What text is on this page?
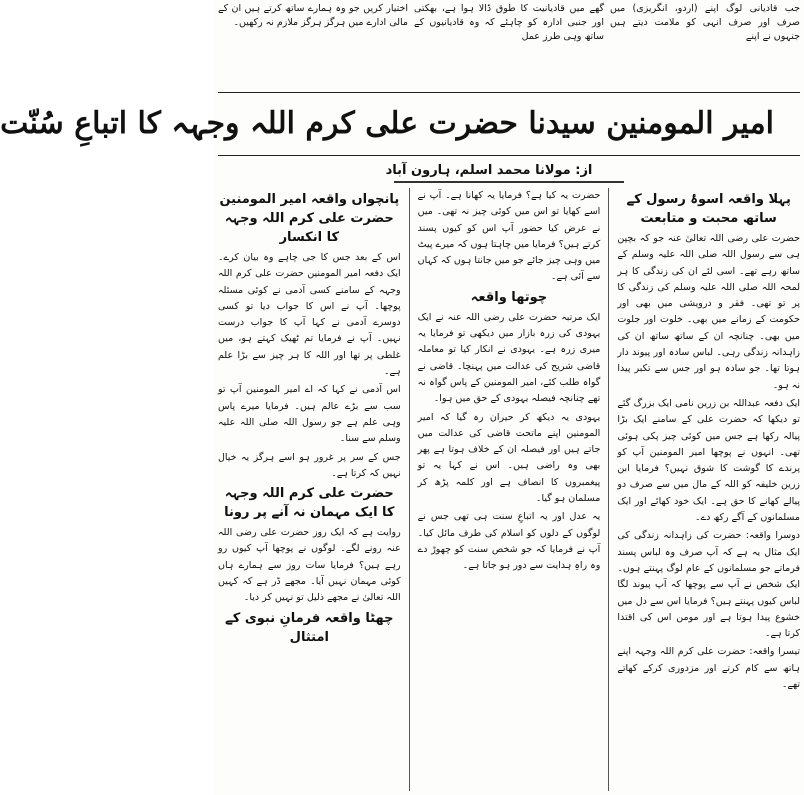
جب قادیانی لوگ اپنے (اردو، انگریزی) میں صرف اور صرف انہی کو ملامت دیتے ہیں جنہوں نے اپنے
گھے میں قادیانیت کا طوق ڈالا ہوا ہے، بھکتی اور جنبی ادارہ کو چاہئے کہ وہ قادیانیوں کے ساتھ وہی طرز عمل
اختیار کریں جو وہ ہمارے ساتھ کرتے ہیں ان کے مالی ادارے میں ہرگز ہرگز ملازم نہ رکھیں۔
امیر المومنین سیدنا حضرت علی کرم اللہ وجہہ کا اتباعِ سُنّت
از: مولانا محمد اسلم، ہارون آباد
پہلا واقعہ اسوۂ رسول کے ساتھ محبت و متابعت

حضرت علی رضی اللہ تعالیٰ عنہ جو کہ بچپن ہی سے رسول اللہ صلی اللہ علیہ وسلم کے ساتھ رہے تھے۔ اسی لئے ان کی زندگی کا ہر لمحہ اللہ صلی اللہ علیہ وسلم کی زندگی کا پر تو تھی۔ فقر و درویشی میں بھی اور حکومت کے زمانے میں بھی۔ خلوت اور جلوت میں بھی۔ چنانچہ ان کے ساتھ ساتھ ان کی زاہدانہ زندگی رہی۔ لباس سادہ اور پیوند دار ہوتا تھا۔ جو سادہ ہو اور جس سے تکبر پیدا نہ ہو۔

ایک دفعہ عبداللہ بن زرین نامی ایک بزرگ گئے تو دیکھا کہ حضرت علی کے سامنے ایک بڑا پیالہ رکھا ہے جس میں کوئی چیز پکی ہوئی تھی۔ انہوں نے پوچھا امیر المومنین آپ کو پرندے کا گوشت کا شوق نہیں؟ فرمایا ابن زرین خلیفہ کو اللہ کے مال میں سے صرف دو پیالے کھانے کا حق ہے۔ ایک خود کھائے اور ایک مسلمانوں کے آگے رکھ دے۔

دوسرا واقعہ: حضرت کی زاہدانہ زندگی کی ایک مثال یہ ہے کہ آپ صرف وہ لباس پسند فرماتے جو مسلمانوں کے عام لوگ پہنتے ہوں۔ ایک شخص نے آپ سے پوچھا کہ آپ پیوند لگا لباس کیوں پہنتے ہیں؟ فرمایا اس سے دل میں خشوع پیدا ہوتا ہے اور مومن اس کی اقتدا کرتا ہے۔

تیسرا واقعہ: حضرت علی کرم اللہ وجہہ اپنے ہاتھ سے کام کرتے اور مزدوری کرکے کھاتے تھے۔

حضرت یہ کیا ہے؟ فرمایا یہ کھانا ہے۔ آپ نے اسے کھایا تو اس میں کوئی چیز نہ تھی۔ میں نے عرض کیا حضور آپ اس کو کیوں پسند کرتے ہیں؟ فرمایا میں چاہتا ہوں کہ میرے پیٹ میں وہی چیز جائے جو میں جانتا ہوں کہ کہاں سے آئی ہے۔

چوتھا واقعہ

ایک مرتبہ حضرت علی رضی اللہ عنہ نے ایک یہودی کی زرہ بازار میں دیکھی تو فرمایا یہ میری زرہ ہے۔ یہودی نے انکار کیا تو معاملہ قاضی شریح کی عدالت میں پہنچا۔ قاضی نے گواہ طلب کئے، امیر المومنین کے پاس گواہ نہ تھے چنانچہ فیصلہ یہودی کے حق میں ہوا۔

یہودی یہ دیکھ کر حیران رہ گیا کہ امیر المومنین اپنے ماتحت قاضی کی عدالت میں جاتے ہیں اور فیصلہ ان کے خلاف ہوتا ہے پھر بھی وہ راضی ہیں۔ اس نے کہا یہ تو پیغمبروں کا انصاف ہے اور کلمہ پڑھ کر مسلمان ہو گیا۔

یہ عدل اور یہ اتباعِ سنت ہی تھی جس نے لوگوں کے دلوں کو اسلام کی طرف مائل کیا۔ آپ نے فرمایا کہ جو شخص سنت کو چھوڑ دے وہ راہِ ہدایت سے دور ہو جاتا ہے۔

پانچواں واقعہ امیر المومنین حضرت علی کرم اللہ وجہہ کا انکسار

اس کے بعد جس کا جی چاہے وہ بیان کرے۔ ایک دفعہ امیر المومنین حضرت علی کرم اللہ وجہہ کے سامنے کسی آدمی نے کوئی مسئلہ پوچھا۔ آپ نے اس کا جواب دیا تو کسی دوسرے آدمی نے کہا آپ کا جواب درست نہیں۔ آپ نے فرمایا تم ٹھیک کہتے ہو، میں غلطی پر تھا اور اللہ کا ہر چیز سے بڑا علم ہے۔

اس آدمی نے کہا کہ اے امیر المومنین آپ تو سب سے بڑے عالم ہیں۔ فرمایا میرے پاس وہی علم ہے جو رسول اللہ صلی اللہ علیہ وسلم سے سنا۔

جس کے سر پر غرور ہو اسے ہرگز یہ خیال نہیں کہ کرتا ہے۔

حضرت علی کرم اللہ وجہہ کا ایک مہمان نہ آنے پر رونا

روایت ہے کہ ایک روز حضرت علی رضی اللہ عنہ رونے لگے۔ لوگوں نے پوچھا آپ کیوں رو رہے ہیں؟ فرمایا سات روز سے ہمارے ہاں کوئی مہمان نہیں آیا۔ مجھے ڈر ہے کہ کہیں اللہ تعالیٰ نے مجھے ذلیل تو نہیں کر دیا۔

چھٹا واقعہ فرمانِ نبوی کے امتثال
